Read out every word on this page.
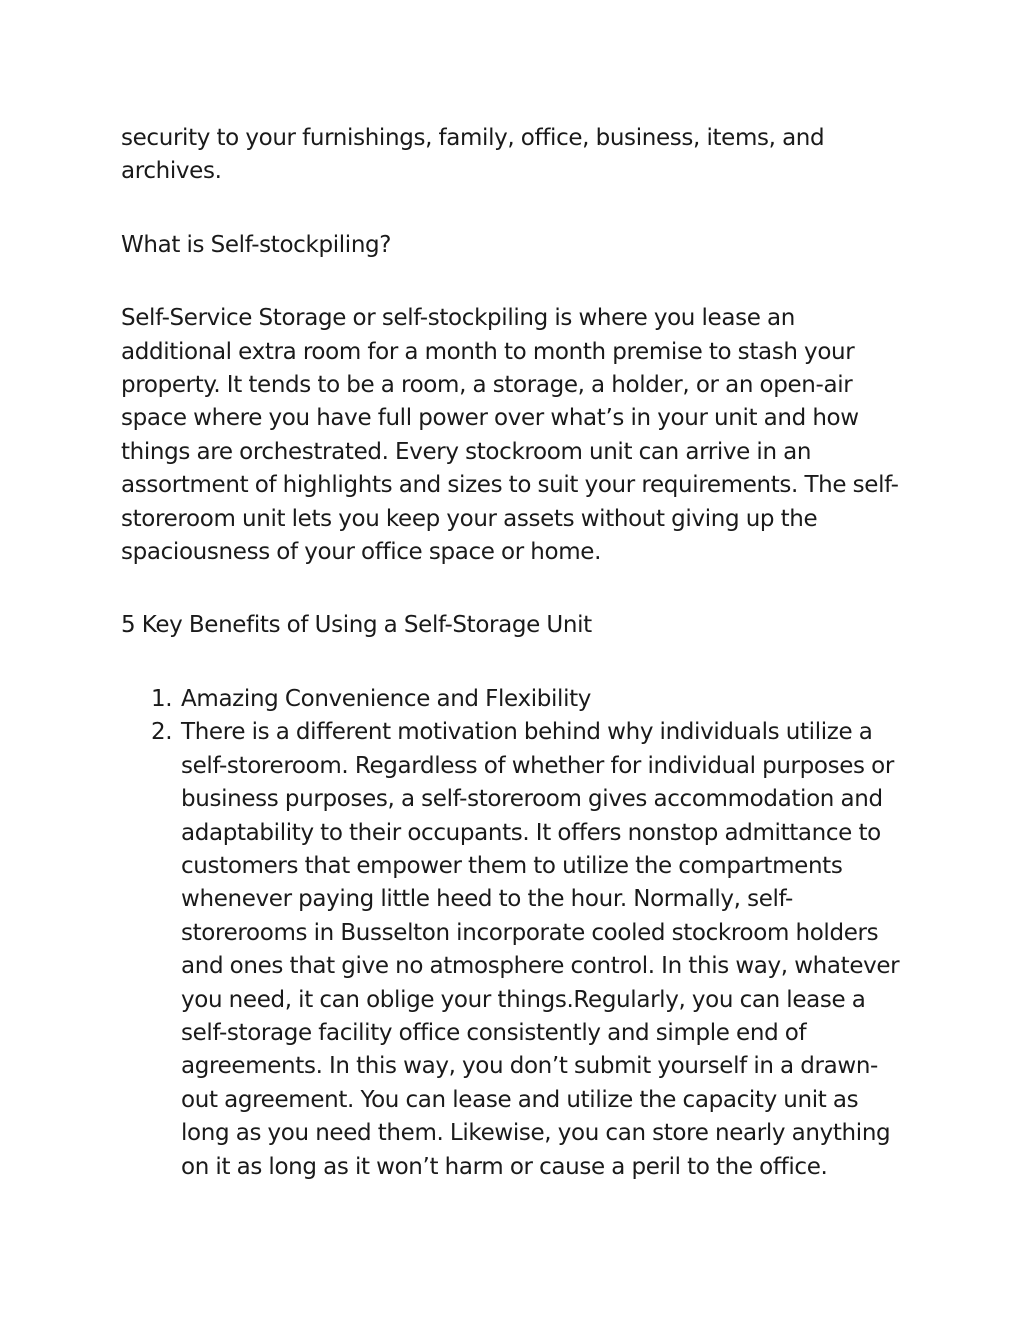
security to your furnishings, family, office, business, items, and archives.

What is Self-stockpiling?

Self-Service Storage or self-stockpiling is where you lease an additional extra room for a month to month premise to stash your property. It tends to be a room, a storage, a holder, or an open-air space where you have full power over what’s in your unit and how things are orchestrated. Every stockroom unit can arrive in an assortment of highlights and sizes to suit your requirements. The self-storeroom unit lets you keep your assets without giving up the spaciousness of your office space or home.

5 Key Benefits of Using a Self-Storage Unit

1. Amazing Convenience and Flexibility
2. There is a different motivation behind why individuals utilize a self-storeroom. Regardless of whether for individual purposes or business purposes, a self-storeroom gives accommodation and adaptability to their occupants. It offers nonstop admittance to customers that empower them to utilize the compartments whenever paying little heed to the hour. Normally, self-storerooms in Busselton incorporate cooled stockroom holders and ones that give no atmosphere control. In this way, whatever you need, it can oblige your things.Regularly, you can lease a self-storage facility office consistently and simple end of agreements. In this way, you don’t submit yourself in a drawn-out agreement. You can lease and utilize the capacity unit as long as you need them. Likewise, you can store nearly anything on it as long as it won’t harm or cause a peril to the office.
